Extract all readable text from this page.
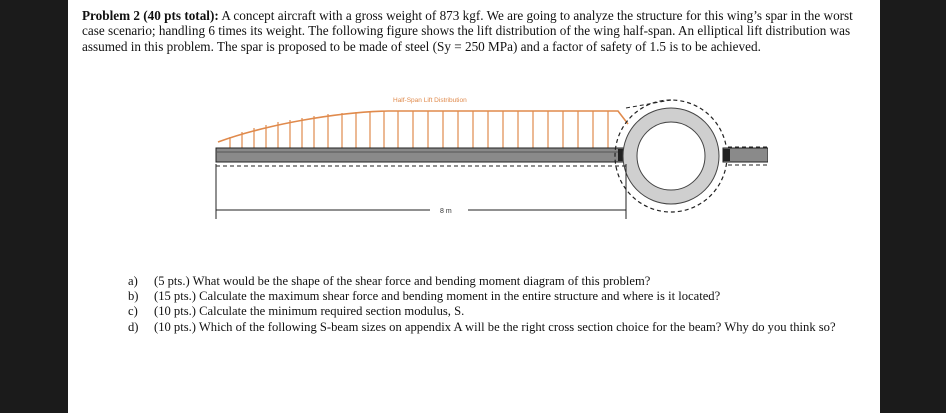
Problem 2 (40 pts total): A concept aircraft with a gross weight of 873 kgf. We are going to analyze the structure for this wing’s spar in the worst case scenario; handling 6 times its weight. The following figure shows the lift distribution of the wing half-span. An elliptical lift distribution was assumed in this problem. The spar is proposed to be made of steel (Sy = 250 MPa) and a factor of safety of 1.5 is to be achieved.
Half-Span Lift Distribution
8 m
a)	(5 pts.) What would be the shape of the shear force and bending moment diagram of this problem?
b)	(15 pts.) Calculate the maximum shear force and bending moment in the entire structure and where is it located?
c)	(10 pts.) Calculate the minimum required section modulus, S.
d)	(10 pts.) Which of the following S-beam sizes on appendix A will be the right cross section choice for the beam? Why do you think so?
